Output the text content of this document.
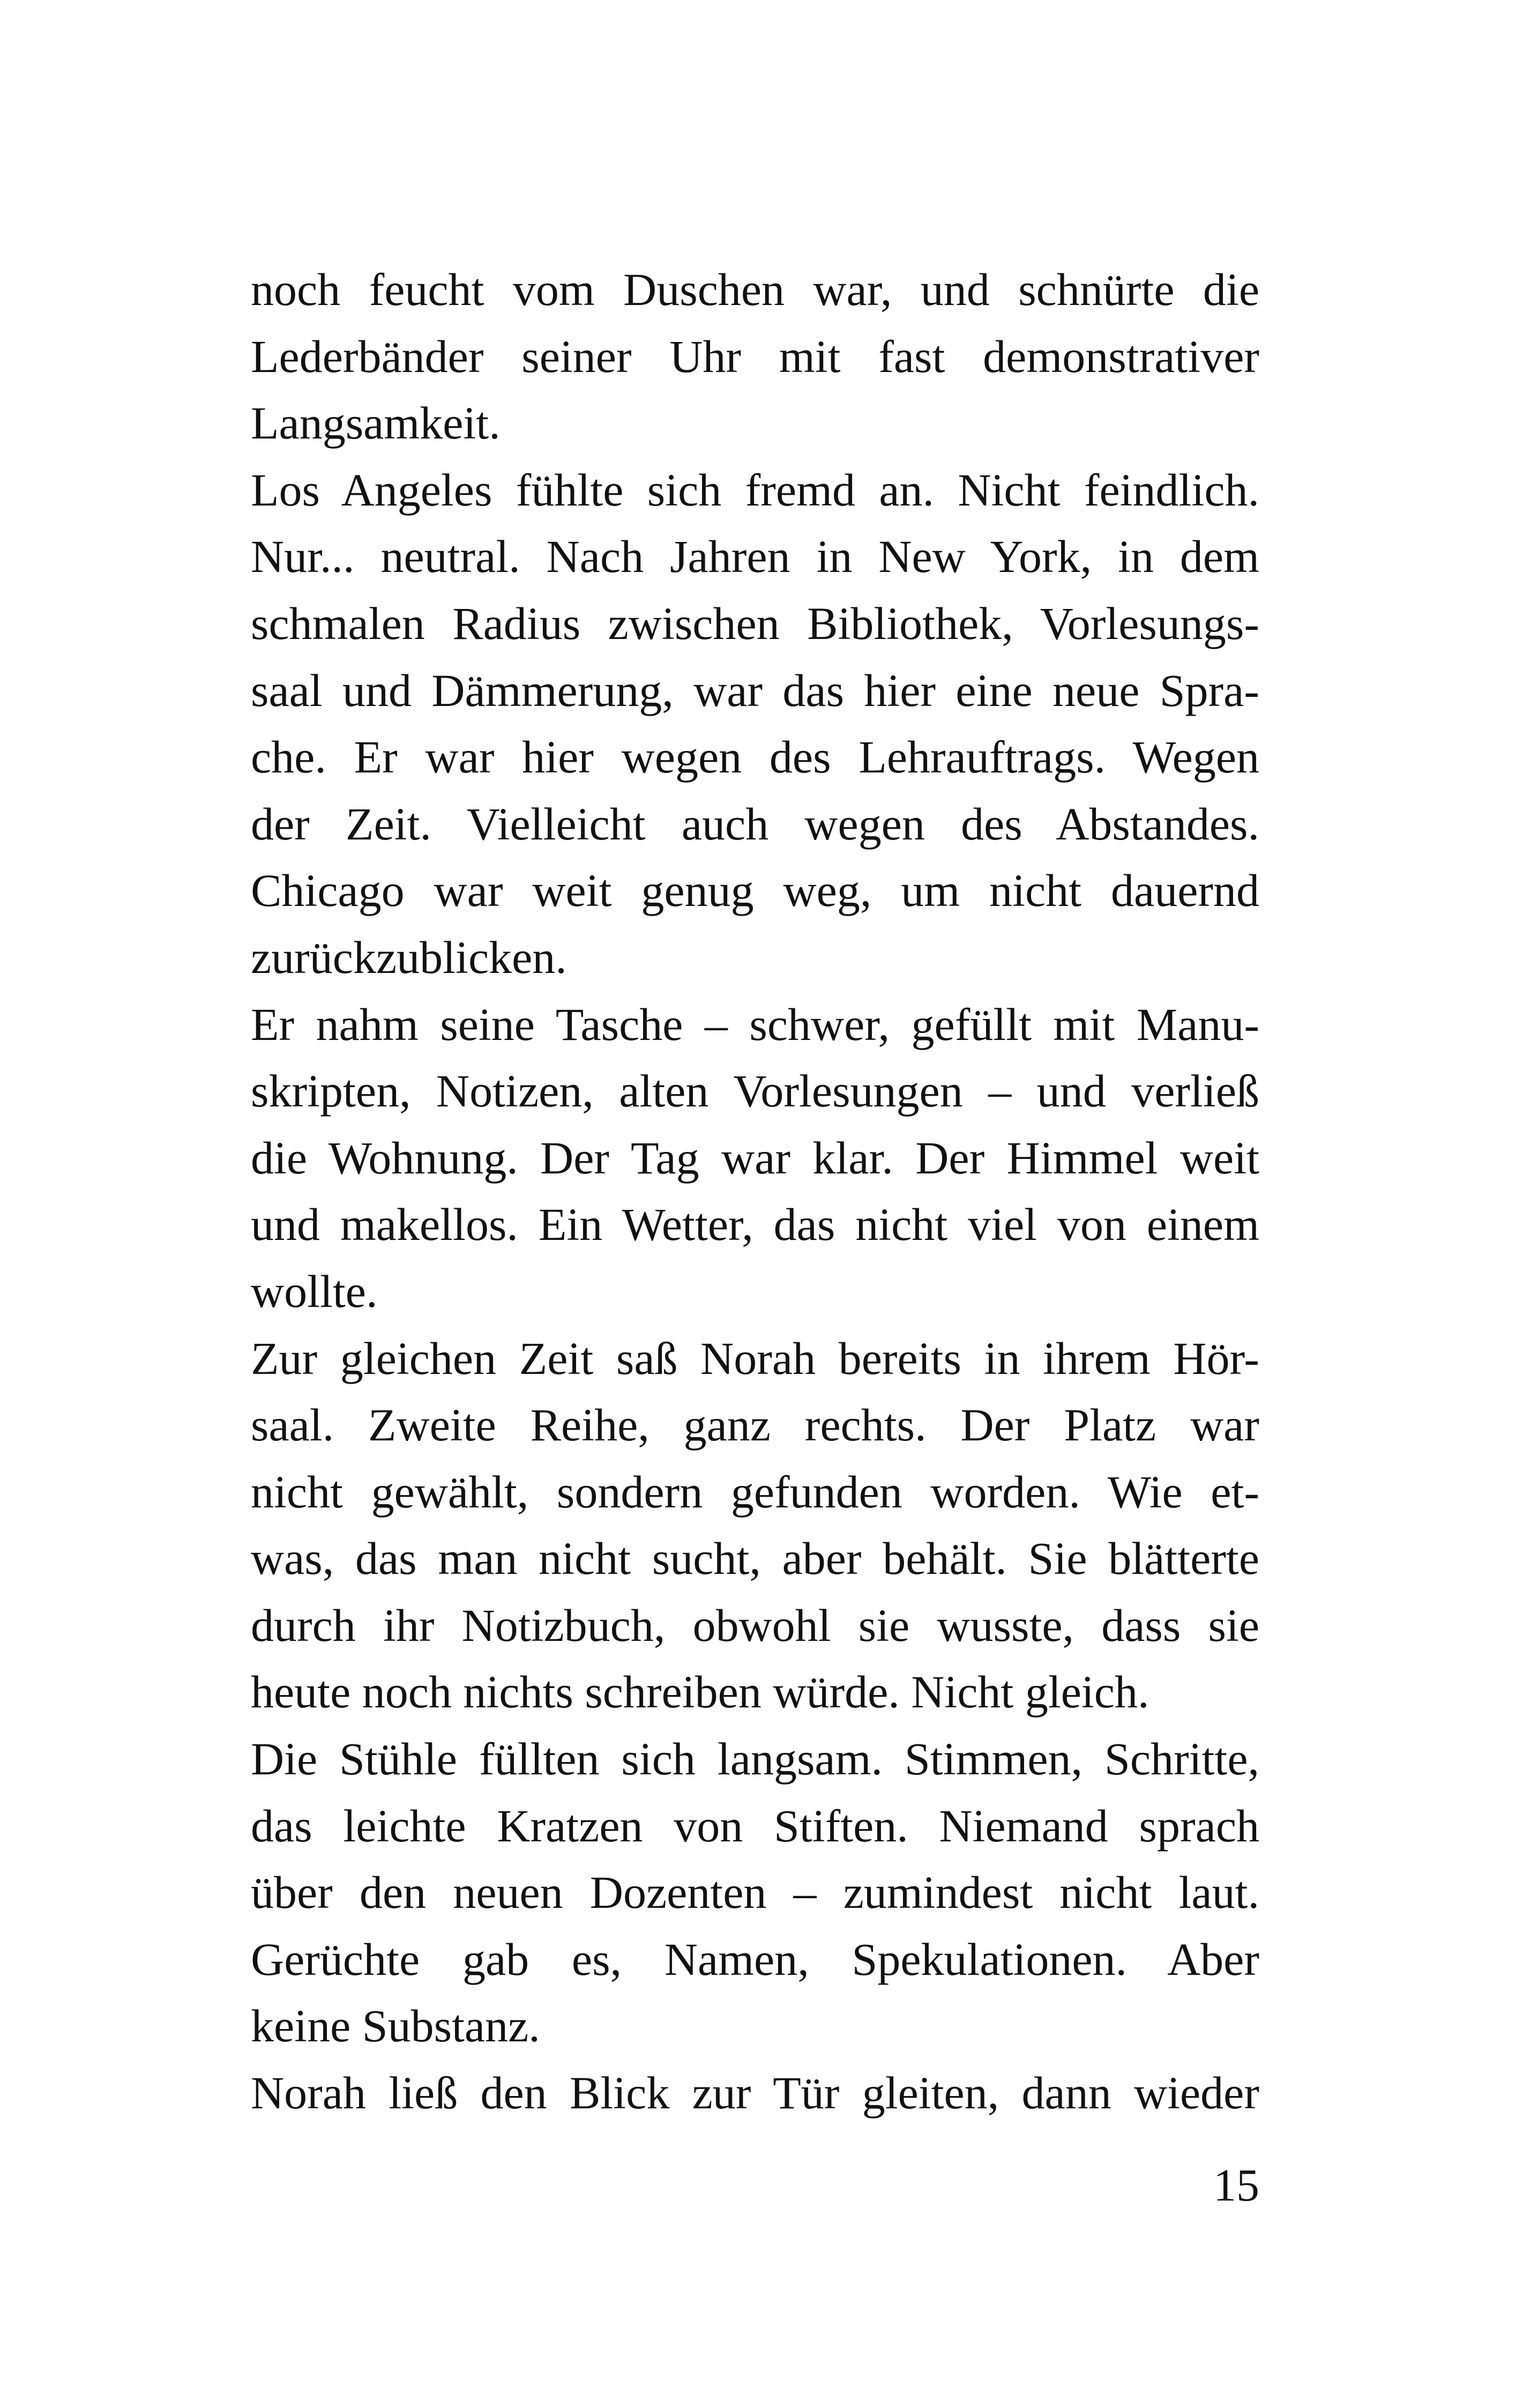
noch feucht vom Duschen war, und schnürte die
Lederbänder seiner Uhr mit fast demonstrativer
Langsamkeit.
Los Angeles fühlte sich fremd an. Nicht feindlich.
Nur... neutral. Nach Jahren in New York, in dem
schmalen Radius zwischen Bibliothek, Vorlesungs-
saal und Dämmerung, war das hier eine neue Spra-
che. Er war hier wegen des Lehrauftrags. Wegen
der Zeit. Vielleicht auch wegen des Abstandes.
Chicago war weit genug weg, um nicht dauernd
zurückzublicken.
Er nahm seine Tasche – schwer, gefüllt mit Manu-
skripten, Notizen, alten Vorlesungen – und verließ
die Wohnung. Der Tag war klar. Der Himmel weit
und makellos. Ein Wetter, das nicht viel von einem
wollte.
Zur gleichen Zeit saß Norah bereits in ihrem Hör-
saal. Zweite Reihe, ganz rechts. Der Platz war
nicht gewählt, sondern gefunden worden. Wie et-
was, das man nicht sucht, aber behält. Sie blätterte
durch ihr Notizbuch, obwohl sie wusste, dass sie
heute noch nichts schreiben würde. Nicht gleich.
Die Stühle füllten sich langsam. Stimmen, Schritte,
das leichte Kratzen von Stiften. Niemand sprach
über den neuen Dozenten – zumindest nicht laut.
Gerüchte gab es, Namen, Spekulationen. Aber
keine Substanz.
Norah ließ den Blick zur Tür gleiten, dann wieder
15
